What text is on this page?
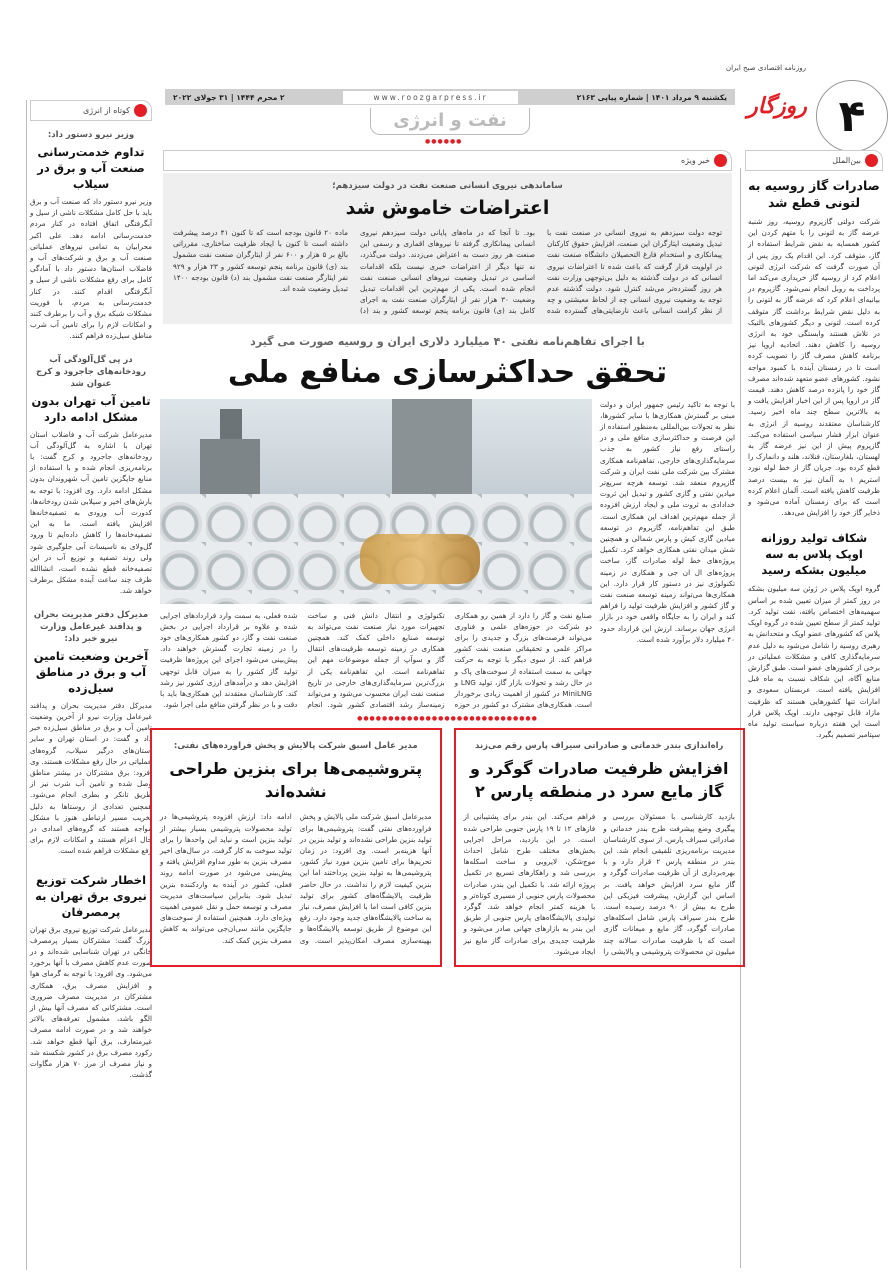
۴
روزنامه اقتصادی صبح ایران
روزگار
یکشنبه ۹ مرداد ۱۴۰۱ | شماره پیاپی ۲۱۶۳
www.roozgarpress.ir
۲ محرم ۱۴۴۴ | ۳۱ جولای ۲۰۲۲
نفت و انرژی
●●●●●●
بین‌الملل
صادرات گاز روسیه به لتونی قطع شد
شرکت دولتی گازپروم روسیه، روز شنبه عرضه گاز به لتونی را با متهم کردن این کشور همسایه به نقض شرایط استفاده از گاز، متوقف کرد. این اقدام یک روز پس از آن صورت گرفت که شرکت انرژی لتونی اعلام کرد از روسیه گاز خریداری می‌کند اما پرداخت به روبل انجام نمی‌شود. گازپروم در بیانیه‌ای اعلام کرد که عرضه گاز به لتونی را به دلیل نقض شرایط برداشت گاز متوقف کرده است. لتونی و دیگر کشورهای بالتیک در تلاش هستند وابستگی خود به انرژی روسیه را کاهش دهند. اتحادیه اروپا نیز برنامه کاهش مصرف گاز را تصویب کرده است تا در زمستان آینده با کمبود مواجه نشود. کشورهای عضو متعهد شده‌اند مصرف گاز خود را پانزده درصد کاهش دهند. قیمت گاز در اروپا پس از این اخبار افزایش یافت و به بالاترین سطح چند ماه اخیر رسید. کارشناسان معتقدند روسیه از انرژی به عنوان ابزار فشار سیاسی استفاده می‌کند. گازپروم پیش از این نیز عرضه گاز به لهستان، بلغارستان، فنلاند، هلند و دانمارک را قطع کرده بود. جریان گاز از خط لوله نورد استریم ۱ به آلمان نیز به بیست درصد ظرفیت کاهش یافته است. آلمان اعلام کرده است که برای زمستان آماده می‌شود و ذخایر گاز خود را افزایش می‌دهد.
شکاف تولید روزانه اوپک پلاس به سه میلیون بشکه رسید
گروه اوپک پلاس در ژوئن سه میلیون بشکه در روز کمتر از میزان تعیین شده بر اساس سهمیه‌های اختصاص یافته، نفت تولید کرد. تولید کمتر از سطح تعیین شده در گروه اوپک پلاس که کشورهای عضو اوپک و متحدانش به رهبری روسیه را شامل می‌شود به دلیل عدم سرمایه‌گذاری کافی و مشکلات عملیاتی در برخی از کشورهای عضو است. طبق گزارش منابع آگاه، این شکاف نسبت به ماه قبل افزایش یافته است. عربستان سعودی و امارات تنها کشورهایی هستند که ظرفیت مازاد قابل توجهی دارند. اوپک پلاس قرار است این هفته درباره سیاست تولید ماه سپتامبر تصمیم بگیرد.
کوتاه از انرژی
وزیر نیرو دستور داد:
تداوم خدمت‌رسانی صنعت آب و برق در سیلاب
وزیر نیرو دستور داد که صنعت آب و برق باید با حل کامل مشکلات ناشی از سیل و آبگرفتگی اتفاق افتاده در کنار مردم خدمت‌رسانی ادامه دهد. علی اکبر محرابیان به تمامی نیروهای عملیاتی صنعت آب و برق و شرکت‌های آب و فاضلاب استان‌ها دستور داد با آمادگی کامل برای رفع مشکلات ناشی از سیل و آبگرفتگی اقدام کنند. در کنار خدمت‌رسانی به مردم، با فوریت مشکلات شبکه برق و آب را برطرف کنند و امکانات لازم را برای تامین آب شرب مناطق سیل‌زده فراهم کنند.
در پی گل‌آلودگی آب رودخانه‌های جاجرود و کرج عنوان شد
تامین آب تهران بدون مشکل ادامه دارد
مدیرعامل شرکت آب و فاضلاب استان تهران با اشاره به گل‌آلودگی آب رودخانه‌های جاجرود و کرج گفت: با برنامه‌ریزی انجام شده و با استفاده از منابع جایگزین تامین آب شهروندان بدون مشکل ادامه دارد. وی افزود: با توجه به بارش‌های اخیر و سیلابی شدن رودخانه‌ها، کدورت آب ورودی به تصفیه‌خانه‌ها افزایش یافته است. ما به این تصفیه‌خانه‌ها را کاهش داده‌ایم تا ورود گل‌ولای به تاسیسات آبی جلوگیری شود ولی روند تصفیه و توزیع آب در این تصفیه‌خانه قطع نشده است، انشاالله ظرف چند ساعت آینده مشکل برطرف خواهد شد.
مدیرکل دفتر مدیریت بحران و پدافند غیرعامل وزارت نیرو خبر داد:
آخرین وضعیت تامین آب و برق در مناطق سیل‌زده
مدیرکل دفتر مدیریت بحران و پدافند غیرعامل وزارت نیرو از آخرین وضعیت تامین آب و برق در مناطق سیل‌زده خبر داد و گفت: در استان تهران و سایر استان‌های درگیر سیلاب، گروه‌های عملیاتی در حال رفع مشکلات هستند. وی افزود: برق مشترکان در بیشتر مناطق وصل شده و تامین آب شرب نیز از طریق تانکر و بطری انجام می‌شود. همچنین تعدادی از روستاها به دلیل تخریب مسیر ارتباطی هنوز با مشکل مواجه هستند که گروه‌های امدادی در حال اعزام هستند و امکانات لازم برای رفع مشکلات فراهم شده است.
اخطار شرکت توزیع نیروی برق تهران به پرمصرفان
مدیرعامل شرکت توزیع نیروی برق تهران بزرگ گفت: مشترکان بسیار پرمصرف خانگی در تهران شناسایی شده‌اند و در صورت عدم کاهش مصرف با آنها برخورد می‌شود. وی افزود: با توجه به گرمای هوا و افزایش مصرف برق، همکاری مشترکان در مدیریت مصرف ضروری است. مشترکانی که مصرف آنها بیش از الگو باشد، مشمول تعرفه‌های بالاتر خواهند شد و در صورت ادامه مصرف غیرمتعارف، برق آنها قطع خواهد شد. رکورد مصرف برق در کشور شکسته شد و نیاز مصرف از مرز ۷۰ هزار مگاوات گذشت.
خبر ویژه
ساماندهی نیروی انسانی صنعت نفت در دولت سیزدهم؛
اعتراضات خاموش شد
توجه دولت سیزدهم به نیروی انسانی در صنعت نفت با تبدیل وضعیت ایثارگران این صنعت، افزایش حقوق کارکنان پیمانکاری و استخدام فارغ التحصیلان دانشگاه صنعت نفت در اولویت قرار گرفت که باعث شده تا اعتراضات نیروی انسانی که در دولت گذشته به دلیل بی‌توجهی وزارت نفت هر روز گسترده‌تر می‌شد کنترل شود. دولت گذشته عدم توجه به وضعیت نیروی انسانی چه از لحاظ معیشتی و چه از نظر کرامت انسانی باعث نارضایتی‌های گسترده شده بود. تا آنجا که در ماه‌های پایانی دولت سیزدهم نیروی انسانی پیمانکاری گرفته تا نیروهای اقماری و رسمی این صنعت هر روز دست به اعتراض می‌زدند. دولت می‌گذرد، نه تنها دیگر از اعتراضات خبری نیست بلکه اقدامات اساسی در تبدیل وضعیت نیروهای انسانی صنعت نفت انجام شده است. یکی از مهم‌ترین این اقدامات تبدیل وضعیت ۳۰ هزار نفر از ایثارگران صنعت نفت به اجرای کامل بند (ی) قانون برنامه پنجم توسعه کشور و بند (د) ماده ۲۰ قانون بودجه است که تا کنون ۴۱ درصد پیشرفت داشته است تا کنون با ایجاد ظرفیت ساختاری، مقرراتی بالغ بر ۵ هزار و ۶۰۰ نفر از ایثارگران صنعت نفت مشمول بند (ی) قانون برنامه پنجم توسعه کشور و ۲۳ هزار و ۹۲۹ نفر ایثارگر صنعت نفت مشمول بند (د) قانون بودجه ۱۴۰۰ تبدیل وضعیت شده اند.
با اجرای تفاهم‌نامه نفتی ۴۰ میلیارد دلاری ایران و روسیه صورت می گیرد
تحقق حداکثرسازی منافع ملی
با توجه به تاکید رئیس جمهور ایران و دولت مبنی بر گسترش همکاری‌ها با سایر کشورها، نظر به تحولات بین‌المللی به‌منظور استفاده از این فرصت و حداکثرسازی منافع ملی و در راستای رفع نیاز کشور به جذب سرمایه‌گذاری‌های خارجی، تفاهم‌نامه همکاری مشترک بین شرکت ملی نفت ایران و شرکت گازپروم منعقد شد. توسعه هرچه سریع‌تر میادین نفتی و گازی کشور و تبدیل این ثروت خدادادی به ثروت ملی و ایجاد ارزش افزوده از جمله مهم‌ترین اهداف این همکاری است. طبق این تفاهم‌نامه، گازپروم در توسعه میادین گازی کیش و پارس شمالی و همچنین شش میدان نفتی همکاری خواهد کرد. تکمیل پروژه‌های خط لوله صادرات گاز، ساخت پروژه‌های ال ان جی و همکاری در زمینه تکنولوژی نیز در دستور کار قرار دارد. این همکاری‌ها می‌تواند زمینه توسعه صنعت نفت و گاز کشور و افزایش ظرفیت تولید را فراهم کند و ایران را به جایگاه واقعی خود در بازار انرژی جهان برساند. ارزش این قرارداد حدود ۴۰ میلیارد دلار برآورد شده است.
صنایع نفت و گاز را دارد از همین رو همکاری دو شرکت در حوزه‌های علمی و فناوری می‌تواند فرصت‌های بزرگ و جدیدی را برای مراکز علمی و تحقیقاتی صنعت نفت کشور فراهم کند. از سوی دیگر با توجه به حرکت جهانی به سمت استفاده از سوخت‌های پاک و در حال رشد و تحولات بازار گاز، تولید LNG و MiniLNG در کشور از اهمیت زیادی برخوردار است. همکاری‌های مشترک دو کشور در حوزه تکنولوژی و انتقال دانش فنی و ساخت تجهیزات مورد نیاز صنعت نفت می‌تواند به توسعه صنایع داخلی کمک کند. همچنین همکاری در زمینه توسعه ظرفیت‌های انتقال گاز و سوآپ از جمله موضوعات مهم این تفاهم‌نامه است. این تفاهم‌نامه یکی از بزرگ‌ترین سرمایه‌گذاری‌های خارجی در تاریخ صنعت نفت ایران محسوب می‌شود و می‌تواند زمینه‌ساز رشد اقتصادی کشور شود. انجام شده فعلی، به سمت وارد قراردادهای اجرایی شده و علاوه بر قرارداد اجرایی در بخش صنعت نفت و گاز، دو کشور همکاری‌های خود را در زمینه تجارت گسترش خواهند داد. پیش‌بینی می‌شود اجرای این پروژه‌ها ظرفیت تولید گاز کشور را به میزان قابل توجهی افزایش دهد و درآمدهای ارزی کشور نیز رشد کند. کارشناسان معتقدند این همکاری‌ها باید با دقت و با در نظر گرفتن منافع ملی اجرا شود.
●●●●●●●●●●●●●●●●●●●●●●●●●●●●●
راه‌اندازی بندر خدماتی و صادراتی سیراف پارس رقم می‌زند
افزایش ظرفیت صادرات گوگرد و گاز مایع سرد در منطقه پارس ۲
بازدید کارشناسی با مسئولان بررسی و پیگیری وضع پیشرفت طرح بندر خدماتی و صادراتی سیراف پارس، از سوی کارشناسان مدیریت برنامه‌ریزی تلفیقی انجام شد. این بندر در منطقه پارس ۲ قرار دارد و با بهره‌برداری از آن ظرفیت صادرات گوگرد و گاز مایع سرد افزایش خواهد یافت. بر اساس این گزارش، پیشرفت فیزیکی این طرح به بیش از ۹۰ درصد رسیده است. طرح بندر سیراف پارس شامل اسکله‌های صادرات گوگرد، گاز مایع و میعانات گازی است که با ظرفیت صادرات سالانه چند میلیون تن محصولات پتروشیمی و پالایشی را فراهم می‌کند. این بندر برای پشتیبانی از فازهای ۱۲ تا ۱۹ پارس جنوبی طراحی شده است. در این بازدید، مراحل اجرایی بخش‌های مختلف طرح شامل احداث موج‌شکن، لایروبی و ساخت اسکله‌ها بررسی شد و راهکارهای تسریع در تکمیل پروژه ارائه شد. با تکمیل این بندر، صادرات محصولات پارس جنوبی از مسیری کوتاه‌تر و با هزینه کمتر انجام خواهد شد. گوگرد تولیدی پالایشگاه‌های پارس جنوبی از طریق این بندر به بازارهای جهانی صادر می‌شود و ظرفیت جدیدی برای صادرات گاز مایع نیز ایجاد می‌شود.
مدیر عامل اسبق شرکت پالایش و پخش فراورده‌های نفتی:
پتروشیمی‌ها برای بنزین طراحی نشده‌اند
مدیرعامل اسبق شرکت ملی پالایش و پخش فراورده‌های نفتی گفت: پتروشیمی‌ها برای تولید بنزین طراحی نشده‌اند و تولید بنزین در آنها هزینه‌بر است. وی افزود: در زمان تحریم‌ها برای تامین بنزین مورد نیاز کشور، پتروشیمی‌ها به تولید بنزین پرداختند اما این بنزین کیفیت لازم را نداشت. در حال حاضر ظرفیت پالایشگاه‌های کشور برای تولید بنزین کافی است اما با افزایش مصرف، نیاز به ساخت پالایشگاه‌های جدید وجود دارد. رفع این موضوع از طریق توسعه پالایشگاه‌ها و بهینه‌سازی مصرف امکان‌پذیر است. وی ادامه داد: ارزش افزوده پتروشیمی‌ها در تولید محصولات پتروشیمی بسیار بیشتر از تولید بنزین است و نباید این واحدها را برای تولید سوخت به کار گرفت. در سال‌های اخیر مصرف بنزین به طور مداوم افزایش یافته و پیش‌بینی می‌شود در صورت ادامه روند فعلی، کشور در آینده به واردکننده بنزین تبدیل شود. بنابراین سیاست‌های مدیریت مصرف و توسعه حمل و نقل عمومی اهمیت ویژه‌ای دارد. همچنین استفاده از سوخت‌های جایگزین مانند سی‌ان‌جی می‌تواند به کاهش مصرف بنزین کمک کند.
